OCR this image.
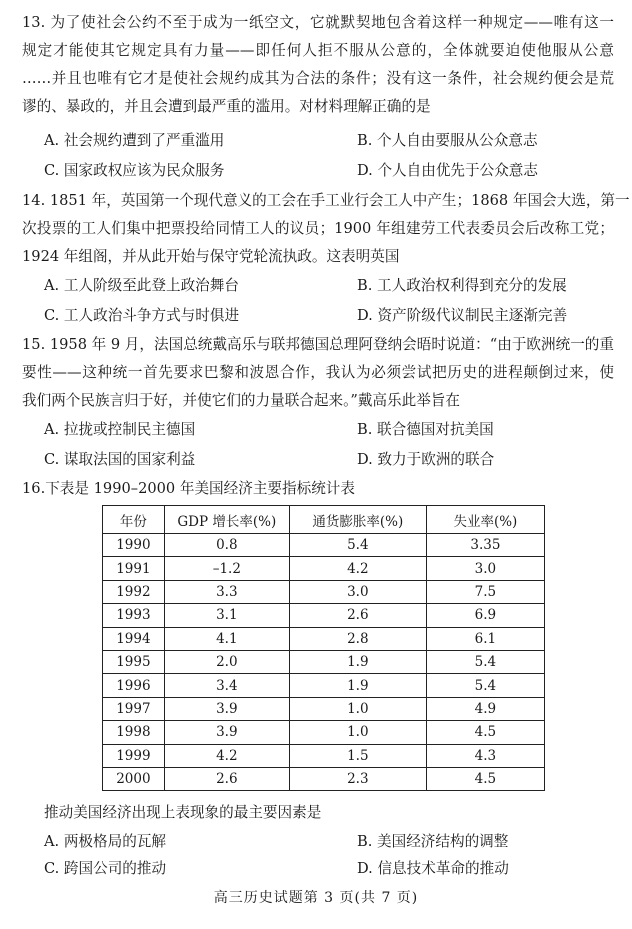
13. 为了使社会公约不至于成为一纸空文，它就默契地包含着这样一种规定——唯有这一
规定才能使其它规定具有力量——即任何人拒不服从公意的，全体就要迫使他服从公意
……并且也唯有它才是使社会规约成其为合法的条件；没有这一条件，社会规约便会是荒
谬的、暴政的，并且会遭到最严重的滥用。对材料理解正确的是
A. 社会规约遭到了严重滥用	B. 个人自由要服从公众意志
C. 国家政权应该为民众服务	D. 个人自由优先于公众意志
14. 1851 年，英国第一个现代意义的工会在手工业行会工人中产生；1868 年国会大选，第一
次投票的工人们集中把票投给同情工人的议员；1900 年组建劳工代表委员会后改称工党；
1924 年组阁，并从此开始与保守党轮流执政。这表明英国
A. 工人阶级至此登上政治舞台	B. 工人政治权利得到充分的发展
C. 工人政治斗争方式与时俱进	D. 资产阶级代议制民主逐渐完善
15. 1958 年 9 月，法国总统戴高乐与联邦德国总理阿登纳会晤时说道：“由于欧洲统一的重
要性——这种统一首先要求巴黎和波恩合作，我认为必须尝试把历史的进程颠倒过来，使
我们两个民族言归于好，并使它们的力量联合起来。”戴高乐此举旨在
A. 拉拢或控制民主德国	B. 联合德国对抗美国
C. 谋取法国的国家利益	D. 致力于欧洲的联合
16.下表是 1990–2000 年美国经济主要指标统计表
年份	GDP 增长率(%)	通货膨胀率(%)	失业率(%)
1990	0.8	5.4	3.35
1991	–1.2	4.2	3.0
1992	3.3	3.0	7.5
1993	3.1	2.6	6.9
1994	4.1	2.8	6.1
1995	2.0	1.9	5.4
1996	3.4	1.9	5.4
1997	3.9	1.0	4.9
1998	3.9	1.0	4.5
1999	4.2	1.5	4.3
2000	2.6	2.3	4.5
推动美国经济出现上表现象的最主要因素是
A. 两极格局的瓦解	B. 美国经济结构的调整
C. 跨国公司的推动	D. 信息技术革命的推动
高三历史试题第 3 页(共 7 页)
